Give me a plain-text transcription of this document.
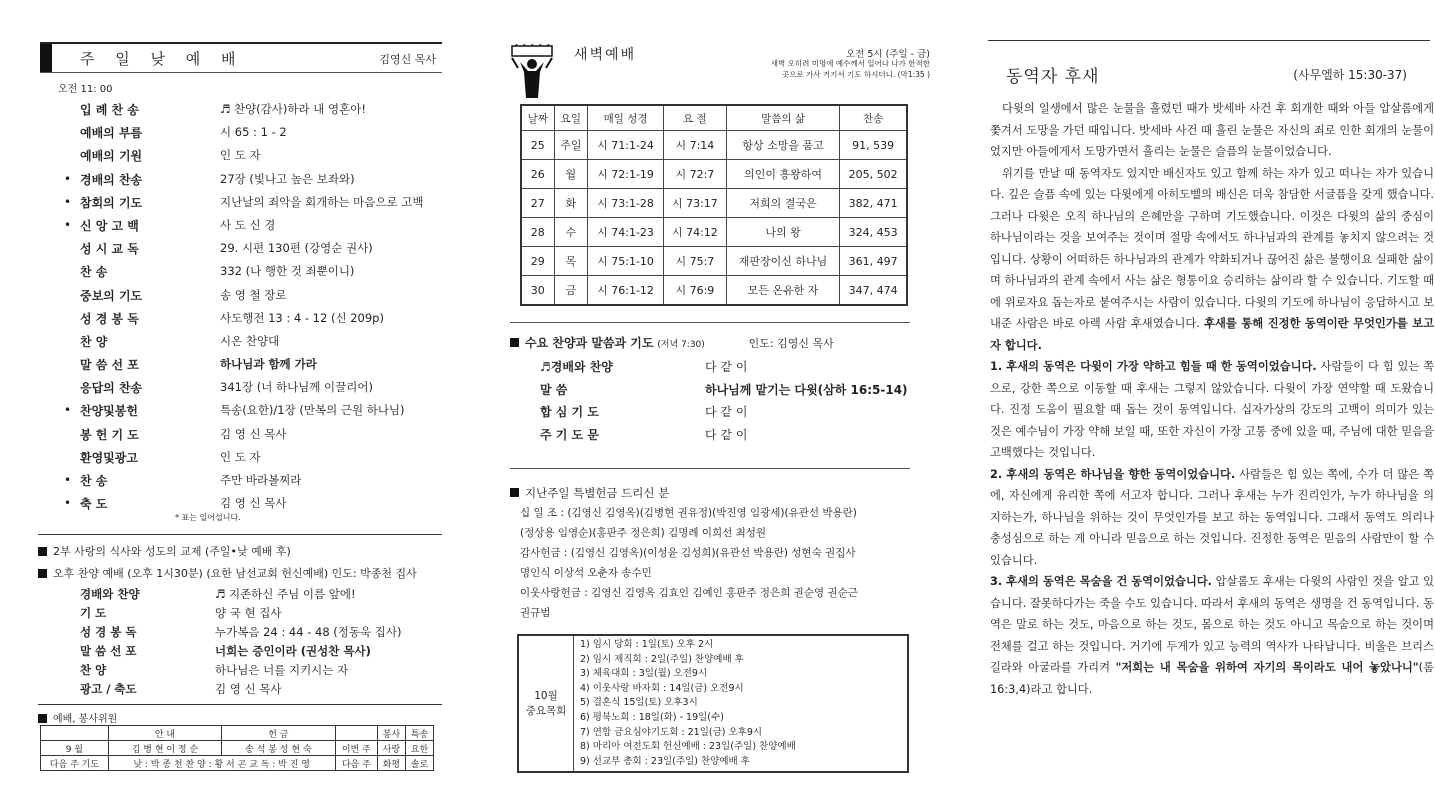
주 일 낮 예 배	김영신 목사
오전 11: 00
입 례 찬 송	♬ 찬양(감사)하라 내 영혼아!
예배의 부름	시 65 : 1 - 2
예배의 기원	인 도 자
• 경배의 찬송	27장 (빛나고 높은 보좌와)
• 참회의 기도	지난날의 죄악을 회개하는 마음으로 고백
• 신 앙 고 백	사 도 신 경
성 시 교 독	29. 시편 130편 (강영순 권사)
찬 송	332 (나 행한 것 죄뿐이니)
중보의 기도	송 영 철 장로
성 경 봉 독	사도행전 13 : 4 - 12 (신 209p)
찬 양	시온 찬양대
말 씀 선 포	하나님과 함께 가라
응답의 찬송	341장 (너 하나님께 이끌리어)
• 찬양및봉헌	특송(요한)/1장 (만복의 근원 하나님)
봉 헌 기 도	김 영 신 목사
환영및광고	인 도 자
• 찬 송	주만 바라볼찌라
• 축 도	김 영 신 목사
* 표는 일어섭니다.
2부 사랑의 식사와 성도의 교제 (주일•낮 예배 후)
오후 찬양 예배 (오후 1시30분) (요한 남선교회 헌신예배) 인도: 박종천 집사
경배와 찬양	♬ 지존하신 주님 이름 앞에!
기 도	양 국 현 집사
성 경 봉 독	누가복음 24 : 44 - 48 (정동욱 집사)
말 씀 선 포	너희는 증인이라 (권성찬 목사)
찬 양	하나님은 너를 지키시는 자
광고 / 축도	김 영 신 목사
예배, 봉사위원
	안 내	헌 금		봉사	특송
9 월	김 병 현 이 정 순	송 석 봉 성 현 숙	이번 주	사랑	요한
다음 주 기도	낮 : 박 종 천 찬 양 : 황 서 곤 교 독 : 박 진 영		다음 주	화평	솔로
새벽예배	오전 5시 (주일 - 금)
새벽 오히려 미명에 예수께서 일어나 나가 한적한
곳으로 가사 거기서 기도 하시더니. (막1:35 )
날짜	요일	매일 성경	요 절	말씀의 삶	찬송
25	주일	시 71:1-24	시 7:14	항상 소망을 품고	91, 539
26	월	시 72:1-19	시 72:7	의인이 흥왕하여	205, 502
27	화	시 73:1-28	시 73:17	저희의 결국은	382, 471
28	수	시 74:1-23	시 74:12	나의 왕	324, 453
29	목	시 75:1-10	시 75:7	재판장이신 하나님	361, 497
30	금	시 76:1-12	시 76:9	모든 온유한 자	347, 474
수요 찬양과 말씀과 기도 (저녁 7:30)	인도: 김영신 목사
♬경배와 찬양	다 같 이
말 씀	하나님께 맡기는 다윗(삼하 16:5-14)
합 심 기 도	다 같 이
주 기 도 문	다 같 이
지난주일 특별헌금 드리신 분
십 일 조 : (김영신 김영옥)(김병현 권유정)(박진영 임광세)(유관선 박용란)
(정상용 임영순)(홍판주 정은희) 김명례 이희선 최성원
감사헌금 : (김영신 김영옥)(이성윤 김성희)(유관선 박용란) 성현숙 권집사
명인식 이상석 오춘자 송수민
이웃사랑헌금 : 김영신 김영옥 김효인 김예인 홍판주 정은희 권순영 권순근
권규범
10월
중요목회

1) 임시 당회 : 1일(토) 오후 2시
2) 임시 제직회 : 2일(주일) 찬양예배 후
3) 체육대회 : 3일(월) 오전9시
4) 이웃사랑 바자회 : 14일(금) 오전9시
5) 결혼식 15일(토) 오후3시
6) 평북노회 : 18일(화) - 19일(수)
7) 연합 금요심야기도회 : 21일(금) 오후9시
8) 마리아 여전도회 헌신예배 : 23일(주일) 찬양예배
9) 선교부 총회 : 23일(주일) 찬양예배 후
동역자 후새	(사무엘하 15:30-37)

다윗의 일생에서 많은 눈물을 흘렸던 때가 밧세바 사건 후 회개한 때와 아들 압살롬에게 쫓겨서 도망을 가던 때입니다. 밧세바 사건 때 흘린 눈물은 자신의 죄로 인한 회개의 눈물이었지만 아들에게서 도망가면서 흘리는 눈물은 슬픔의 눈물이었습니다.

위기를 만날 때 동역자도 있지만 배신자도 있고 함께 하는 자가 있고 떠나는 자가 있습니다. 깊은 슬픔 속에 있는 다윗에게 아히도벨의 배신은 더욱 참담한 서글픔을 갖게 했습니다. 그러나 다윗은 오직 하나님의 은혜만을 구하며 기도했습니다. 이것은 다윗의 삶의 중심이 하나님이라는 것을 보여주는 것이며 절망 속에서도 하나님과의 관계를 놓치지 않으려는 것입니다. 상황이 어떠하든 하나님과의 관계가 약화되거나 끊어진 삶은 불행이요 실패한 삶이며 하나님과의 관계 속에서 사는 삶은 형통이요 승리하는 삶이라 할 수 있습니다. 기도할 때에 위로자요 돕는자로 붙여주시는 사람이 있습니다. 다윗의 기도에 하나님이 응답하시고 보내준 사람은 바로 아렉 사람 후새였습니다. 후새를 통해 진정한 동역이란 무엇인가를 보고자 합니다.

1. 후새의 동역은 다윗이 가장 약하고 힘들 때 한 동역이었습니다. 사람들이 다 힘 있는 쪽으로, 강한 쪽으로 이동할 때 후새는 그렇지 않았습니다. 다윗이 가장 연약할 때 도왔습니다. 진정 도움이 필요할 때 돕는 것이 동역입니다. 십자가상의 강도의 고백이 의미가 있는 것은 예수님이 가장 약해 보일 때, 또한 자신이 가장 고통 중에 있을 때, 주님에 대한 믿음을 고백했다는 것입니다.

2. 후새의 동역은 하나님을 향한 동역이었습니다. 사람들은 힘 있는 쪽에, 수가 더 많은 쪽에, 자신에게 유리한 쪽에 서고자 합니다. 그러나 후새는 누가 진리인가, 누가 하나님을 의지하는가, 하나님을 위하는 것이 무엇인가를 보고 하는 동역입니다. 그래서 동역도 의리나 충성심으로 하는 게 아니라 믿음으로 하는 것입니다. 진정한 동역은 믿음의 사람만이 할 수 있습니다.

3. 후새의 동역은 목숨을 건 동역이었습니다. 압살롬도 후새는 다윗의 사람인 것을 알고 있습니다. 잘못하다가는 죽을 수도 있습니다. 따라서 후새의 동역은 생명을 건 동역입니다. 동역은 말로 하는 것도, 마음으로 하는 것도, 몸으로 하는 것도 아니고 목숨으로 하는 것이며 전체를 걸고 하는 것입니다. 거기에 두게가 있고 능력의 역사가 나타납니다. 비울은 브리스길라와 아굴라를 가리켜 "저희는 내 목숨을 위하여 자기의 목이라도 내어 놓았나니"(롬 16:3,4)라고 합니다.
